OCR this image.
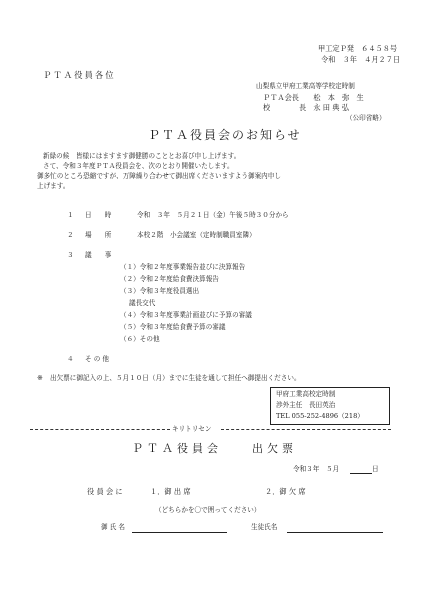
甲工定Ｐ発　６４５８号
令和　３年　４月２７日
ＰＴＡ役員各位
山梨県立甲府工業高等学校定時制
ＰＴＡ会長　　松　本　弥　生
校　　　　長　永 田 典 弘
（公印省略）
ＰＴＡ役員会のお知らせ
新緑の候　皆様にはますます御健勝のこととお喜び申し上げます。
さて、令和３年度ＰＴＡ役員会を、次のとおり開催いたします。
御多忙のところ恐縮ですが、万障繰り合わせて御出席くださいますよう御案内申し
上げます。
１ 日　　時	令和　３年　５月２１日（金）午後５時３０分から
２ 場　　所	本校２階　小会議室（定時制職員室隣）
３ 議　　事
（１）令和２年度事業報告並びに決算報告
（２）令和２年度給食費決算報告
（３）令和３年度役員選出
議長交代
（４）令和３年度事業計画並びに予算の審議
（５）令和３年度給食費予算の審議
（６）その他
４ そ の 他
※ 出欠票に御記入の上、５月１０日（月）までに生徒を通して担任へ御提出ください。
甲府工業高校定時制
渉外主任　長田英治
TEL 055-252-4896（218）
キリトリセン
ＰＴＡ役員会　　出欠票
令和３年　５月	日
役 員 会 に	１．御 出 席	２．御 欠 席
（どちらかを〇で囲ってください）
御 氏 名	生徒氏名
